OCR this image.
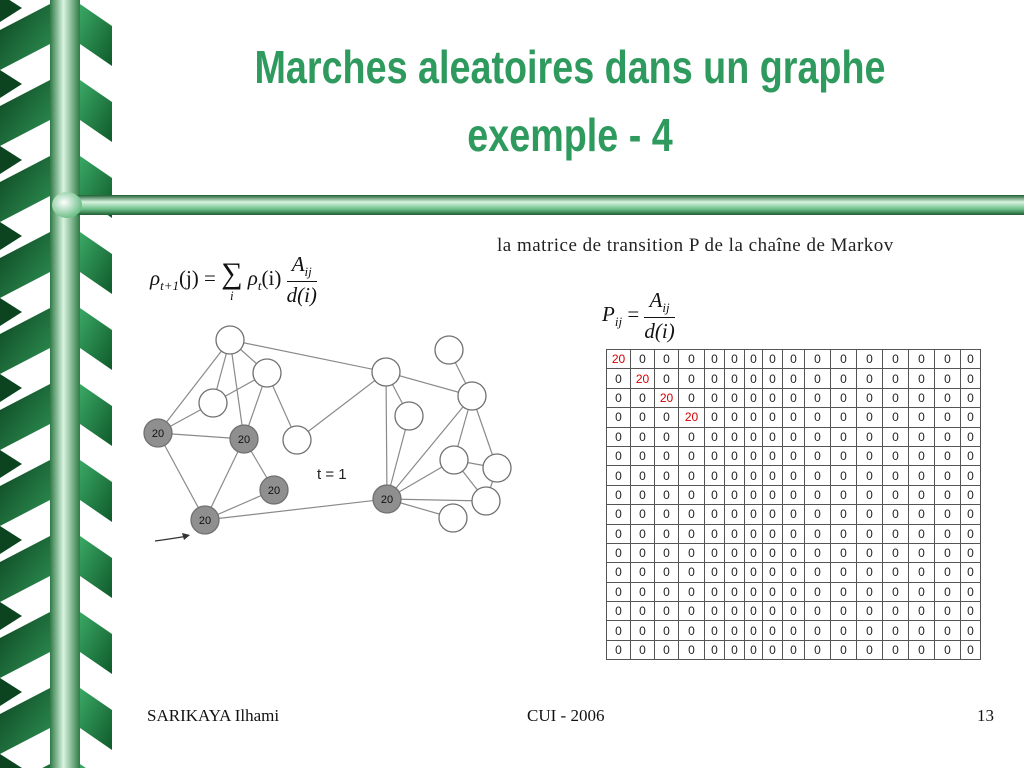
Marches aleatoires dans un graphe
exemple - 4
la matrice de transition P de la chaîne de Markov
$\rho_{t+1}(j)$ = ∑
i
$\rho_t(i) \frac{A_{ij}}{d(i)}$
$P_{ij} = \frac{A_{ij}}{d(i)}$
20	20
20
20
20
t = 1
20	0	0	0	0	0	0	0	0	0	0	0	0	0	0	0
0	20	0	0	0	0	0	0	0	0	0	0	0	0	0	0
0	0	20	0	0	0	0	0	0	0	0	0	0	0	0	0
0	0	0	20	0	0	0	0	0	0	0	0	0	0	0	0
0	0	0	0	0	0	0	0	0	0	0	0	0	0	0	0
0	0	0	0	0	0	0	0	0	0	0	0	0	0	0	0
0	0	0	0	0	0	0	0	0	0	0	0	0	0	0	0
0	0	0	0	0	0	0	0	0	0	0	0	0	0	0	0
0	0	0	0	0	0	0	0	0	0	0	0	0	0	0	0
0	0	0	0	0	0	0	0	0	0	0	0	0	0	0	0
0	0	0	0	0	0	0	0	0	0	0	0	0	0	0	0
0	0	0	0	0	0	0	0	0	0	0	0	0	0	0	0
0	0	0	0	0	0	0	0	0	0	0	0	0	0	0	0
0	0	0	0	0	0	0	0	0	0	0	0	0	0	0	0
0	0	0	0	0	0	0	0	0	0	0	0	0	0	0	0
0	0	0	0	0	0	0	0	0	0	0	0	0	0	0	0
SARIKAYA Ilhami	CUI - 2006	13
